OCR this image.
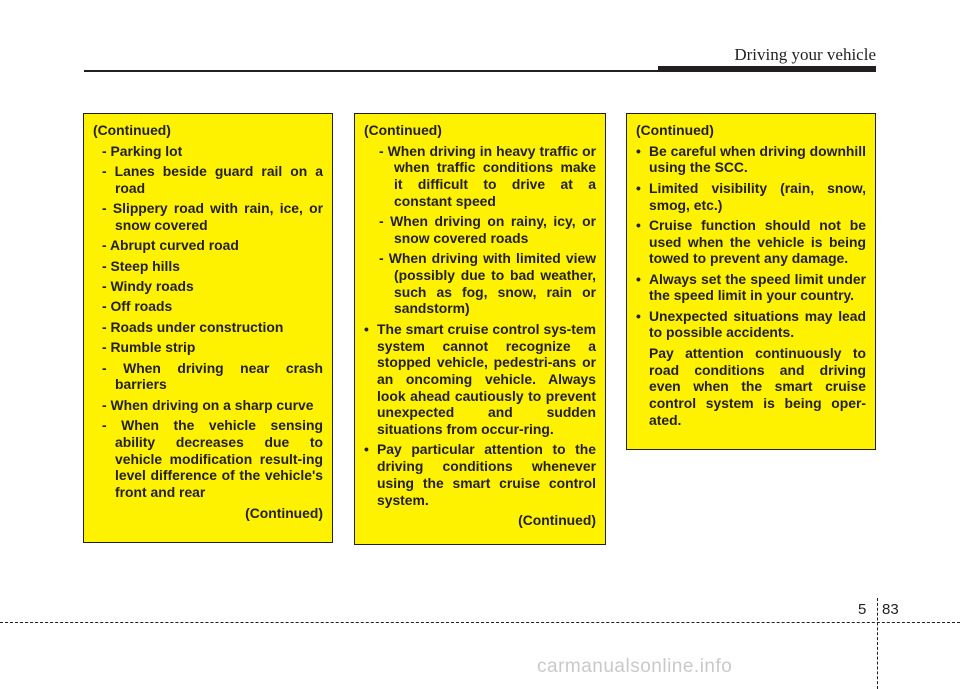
Driving your vehicle
(Continued)
- Parking lot
- Lanes beside guard rail on a road
- Slippery road with rain, ice, or snow covered
- Abrupt curved road
- Steep hills
- Windy roads
- Off roads
- Roads under construction
- Rumble strip
- When driving near crash barriers
- When driving on a sharp curve
- When the vehicle sensing ability decreases due to vehicle modification result-ing level difference of the vehicle's front and rear
(Continued)
(Continued)
- When driving in heavy traffic or when traffic conditions make it difficult to drive at a constant speed
- When driving on rainy, icy, or snow covered roads
- When driving with limited view (possibly due to bad weather, such as fog, snow, rain or sandstorm)
• The smart cruise control sys-tem system cannot recognize a stopped vehicle, pedestri-ans or an oncoming vehicle. Always look ahead cautiously to prevent unexpected and sudden situations from occur-ring.
• Pay particular attention to the driving conditions whenever using the smart cruise control system.
(Continued)
(Continued)
• Be careful when driving downhill using the SCC.
• Limited visibility (rain, snow, smog, etc.)
• Cruise function should not be used when the vehicle is being towed to prevent any damage.
• Always set the speed limit under the speed limit in your country.
• Unexpected situations may lead to possible accidents.
Pay attention continuously to road conditions and driving even when the smart cruise control system is being oper-ated.
5 83
carmanualsonline.info
